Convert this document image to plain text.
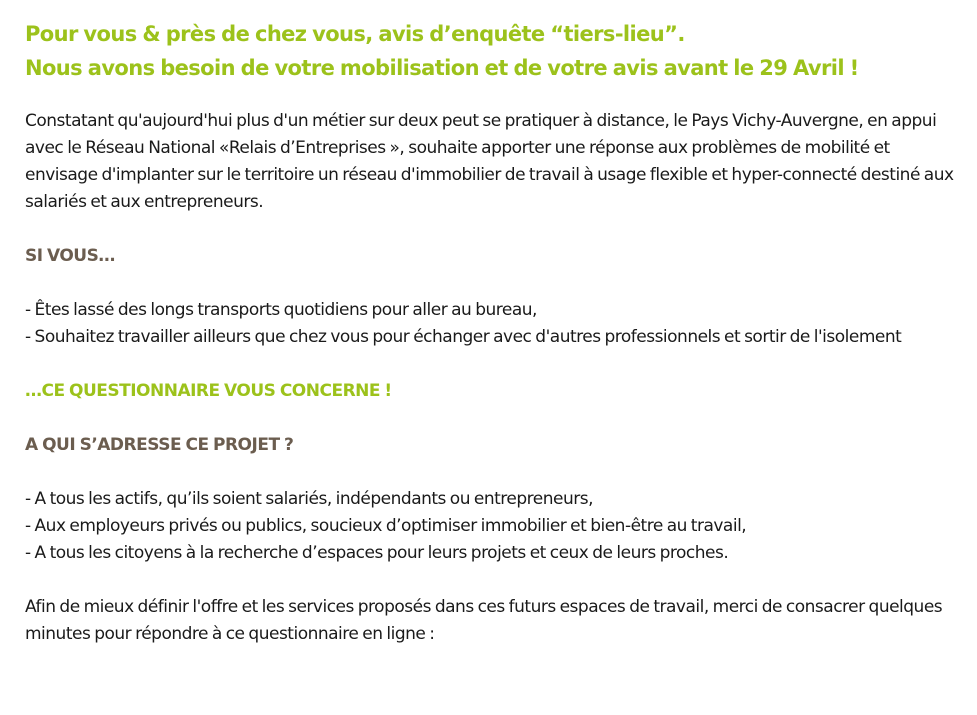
Pour vous & près de chez vous, avis d’enquête “tiers-lieu”.

Nous avons besoin de votre mobilisation et de votre avis avant le 29 Avril !

Constatant qu'aujourd'hui plus d'un métier sur deux peut se pratiquer à distance, le Pays Vichy-Auvergne, en appui avec le Réseau National «Relais d’Entreprises », souhaite apporter une réponse aux problèmes de mobilité et envisage d'implanter sur le territoire un réseau d'immobilier de travail à usage flexible et hyper-connecté destiné aux salariés et aux entrepreneurs.

SI VOUS…

- Êtes lassé des longs transports quotidiens pour aller au bureau,
- Souhaitez travailler ailleurs que chez vous pour échanger avec d'autres professionnels et sortir de l'isolement

…CE QUESTIONNAIRE VOUS CONCERNE !

A QUI S’ADRESSE CE PROJET ?

- A tous les actifs, qu’ils soient salariés, indépendants ou entrepreneurs,
- Aux employeurs privés ou publics, soucieux d’optimiser immobilier et bien-être au travail,
- A tous les citoyens à la recherche d’espaces pour leurs projets et ceux de leurs proches.

Afin de mieux définir l'offre et les services proposés dans ces futurs espaces de travail, merci de consacrer quelques minutes pour répondre à ce questionnaire en ligne :
